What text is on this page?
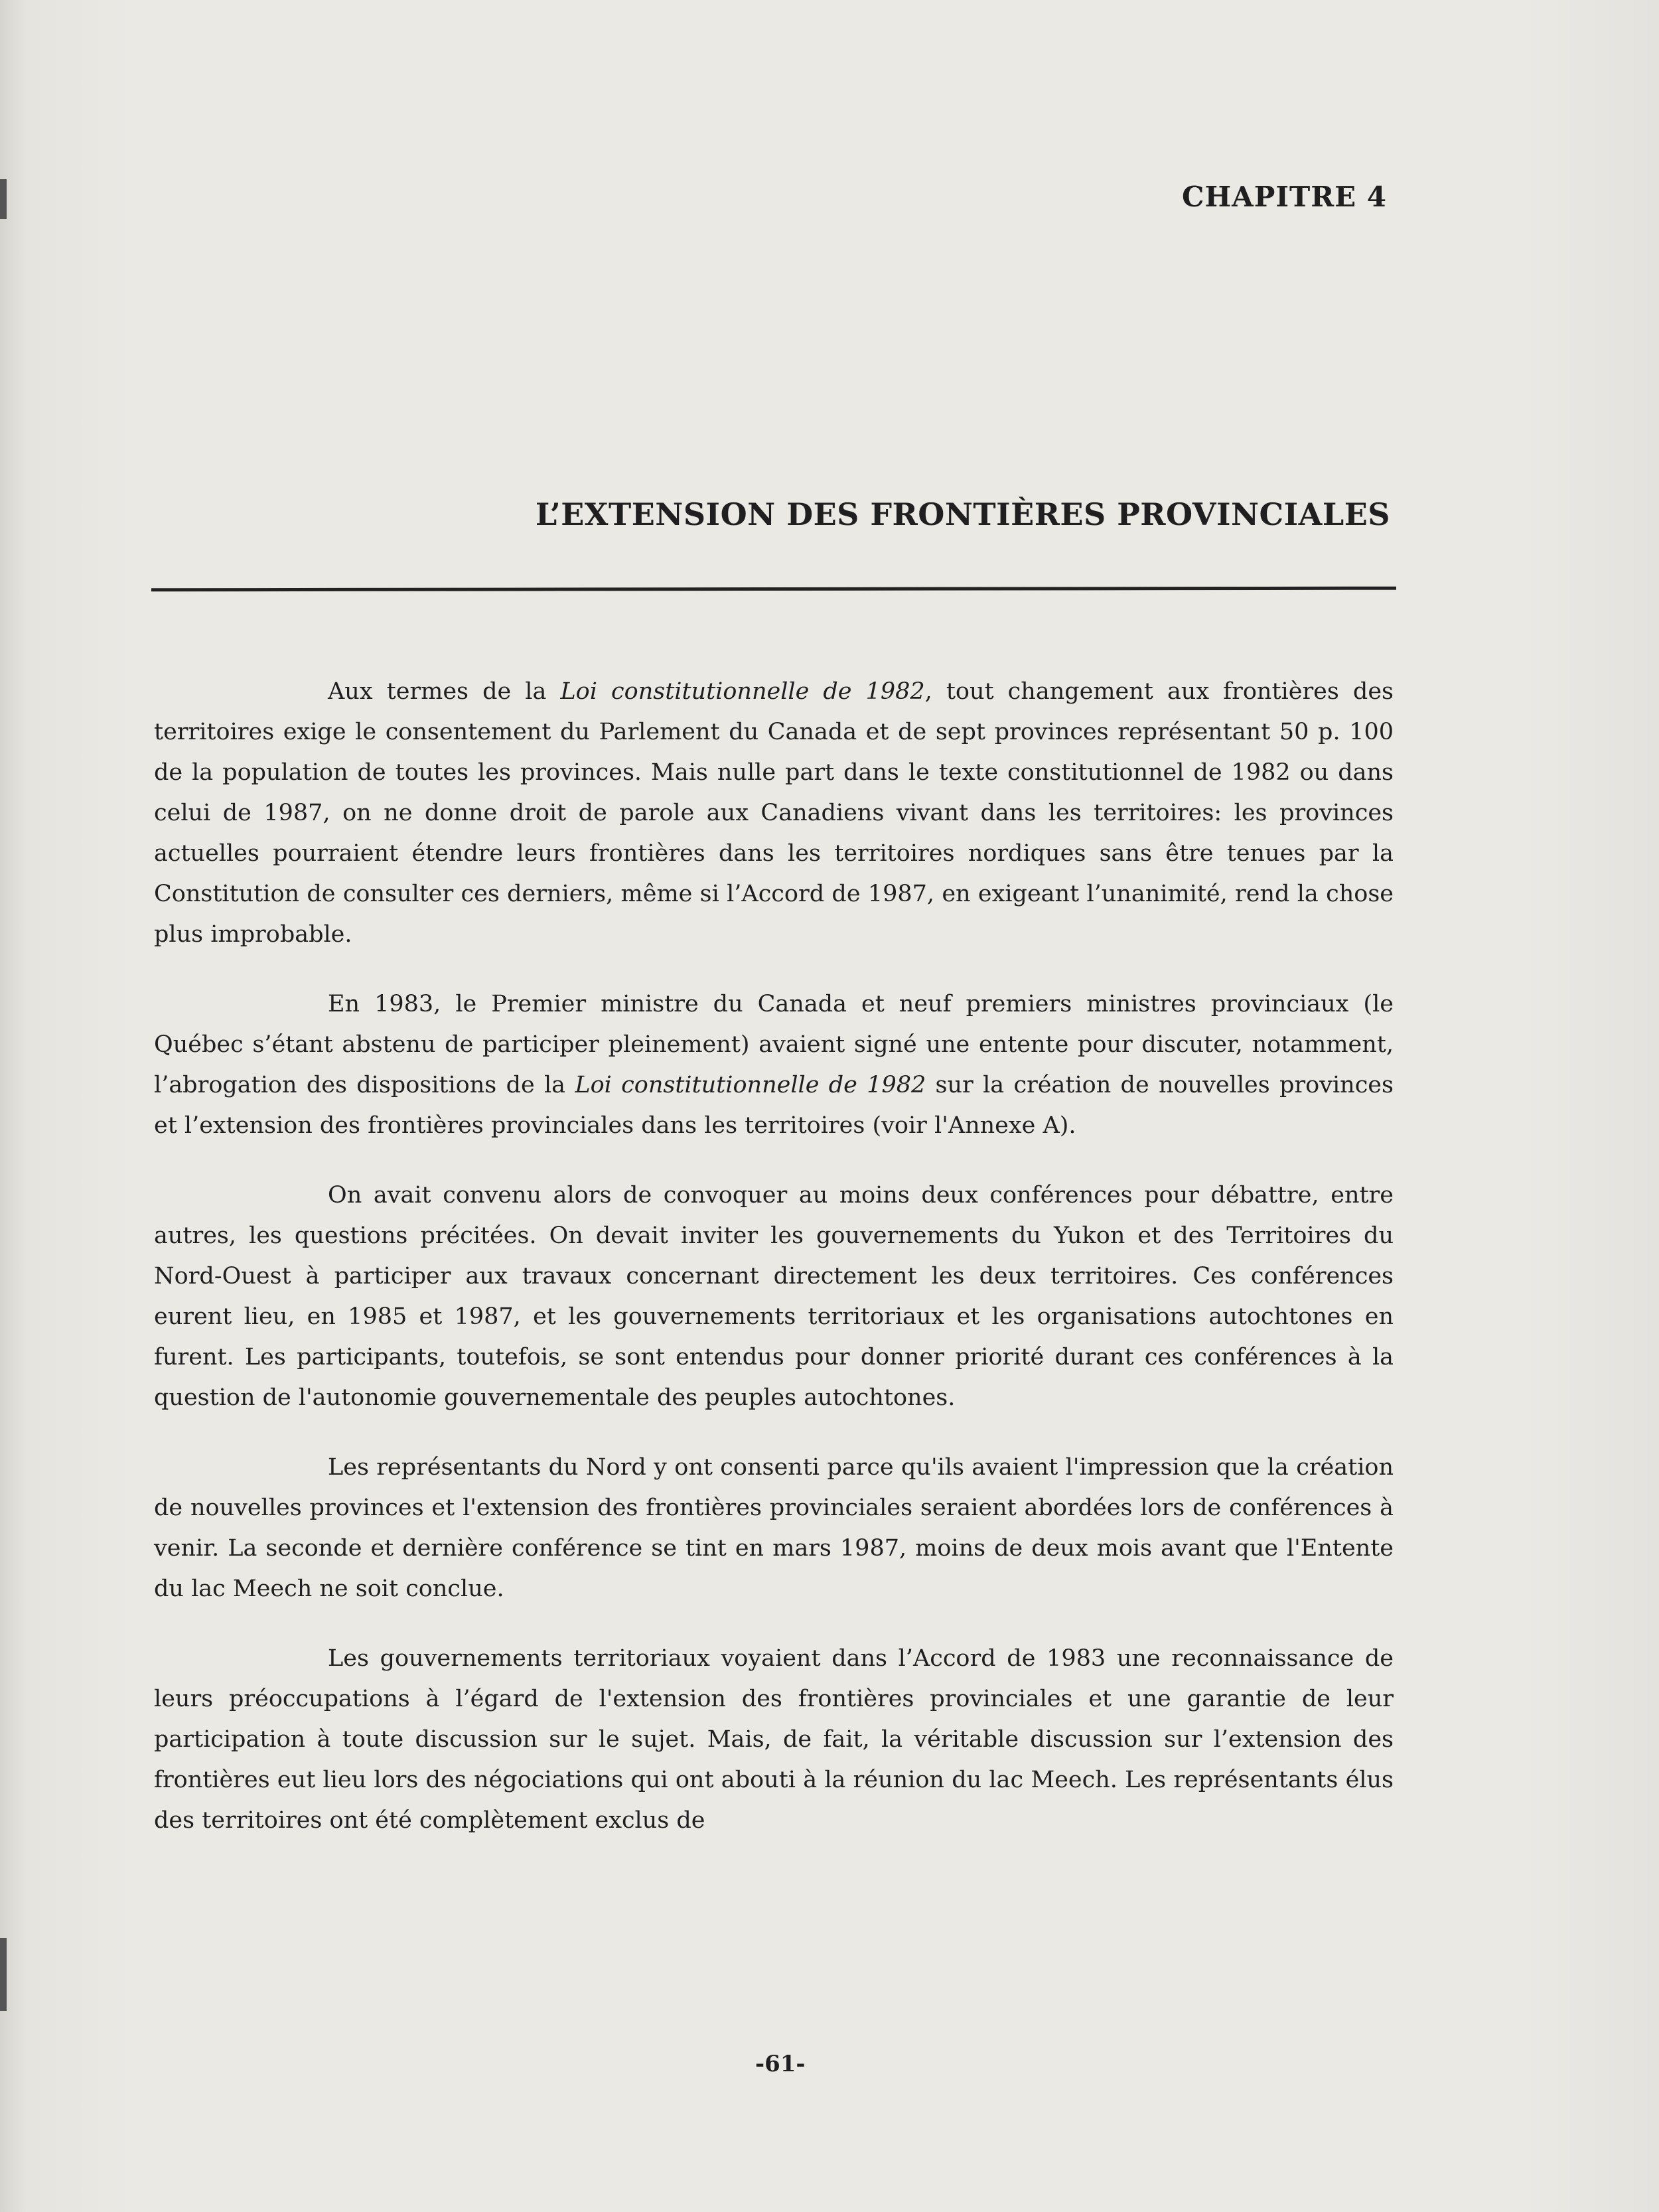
CHAPITRE 4
L’EXTENSION DES FRONTIÈRES PROVINCIALES

Aux termes de la Loi constitutionnelle de 1982, tout changement aux frontières des territoires exige le consentement du Parlement du Canada et de sept provinces représentant 50 p. 100 de la population de toutes les provinces. Mais nulle part dans le texte constitutionnel de 1982 ou dans celui de 1987, on ne donne droit de parole aux Canadiens vivant dans les territoires: les provinces actuelles pourraient étendre leurs frontières dans les territoires nordiques sans être tenues par la Constitution de consulter ces derniers, même si l’Accord de 1987, en exigeant l’unanimité, rend la chose plus improbable.

En 1983, le Premier ministre du Canada et neuf premiers ministres provinciaux (le Québec s’étant abstenu de participer pleinement) avaient signé une entente pour discuter, notamment, l’abrogation des dispositions de la Loi constitutionnelle de 1982 sur la création de nouvelles provinces et l’extension des frontières provinciales dans les territoires (voir l'Annexe A).

On avait convenu alors de convoquer au moins deux conférences pour débattre, entre autres, les questions précitées. On devait inviter les gouvernements du Yukon et des Territoires du Nord-Ouest à participer aux travaux concernant directement les deux territoires. Ces conférences eurent lieu, en 1985 et 1987, et les gouvernements territoriaux et les organisations autochtones en furent. Les participants, toutefois, se sont entendus pour donner priorité durant ces conférences à la question de l'autonomie gouvernementale des peuples autochtones.

Les représentants du Nord y ont consenti parce qu'ils avaient l'impression que la création de nouvelles provinces et l'extension des frontières provinciales seraient abordées lors de conférences à venir. La seconde et dernière conférence se tint en mars 1987, moins de deux mois avant que l'Entente du lac Meech ne soit conclue.

Les gouvernements territoriaux voyaient dans l’Accord de 1983 une reconnaissance de leurs préoccupations à l’égard de l'extension des frontières provinciales et une garantie de leur participation à toute discussion sur le sujet. Mais, de fait, la véritable discussion sur l’extension des frontières eut lieu lors des négociations qui ont abouti à la réunion du lac Meech. Les représentants élus des territoires ont été complètement exclus de

-61-
